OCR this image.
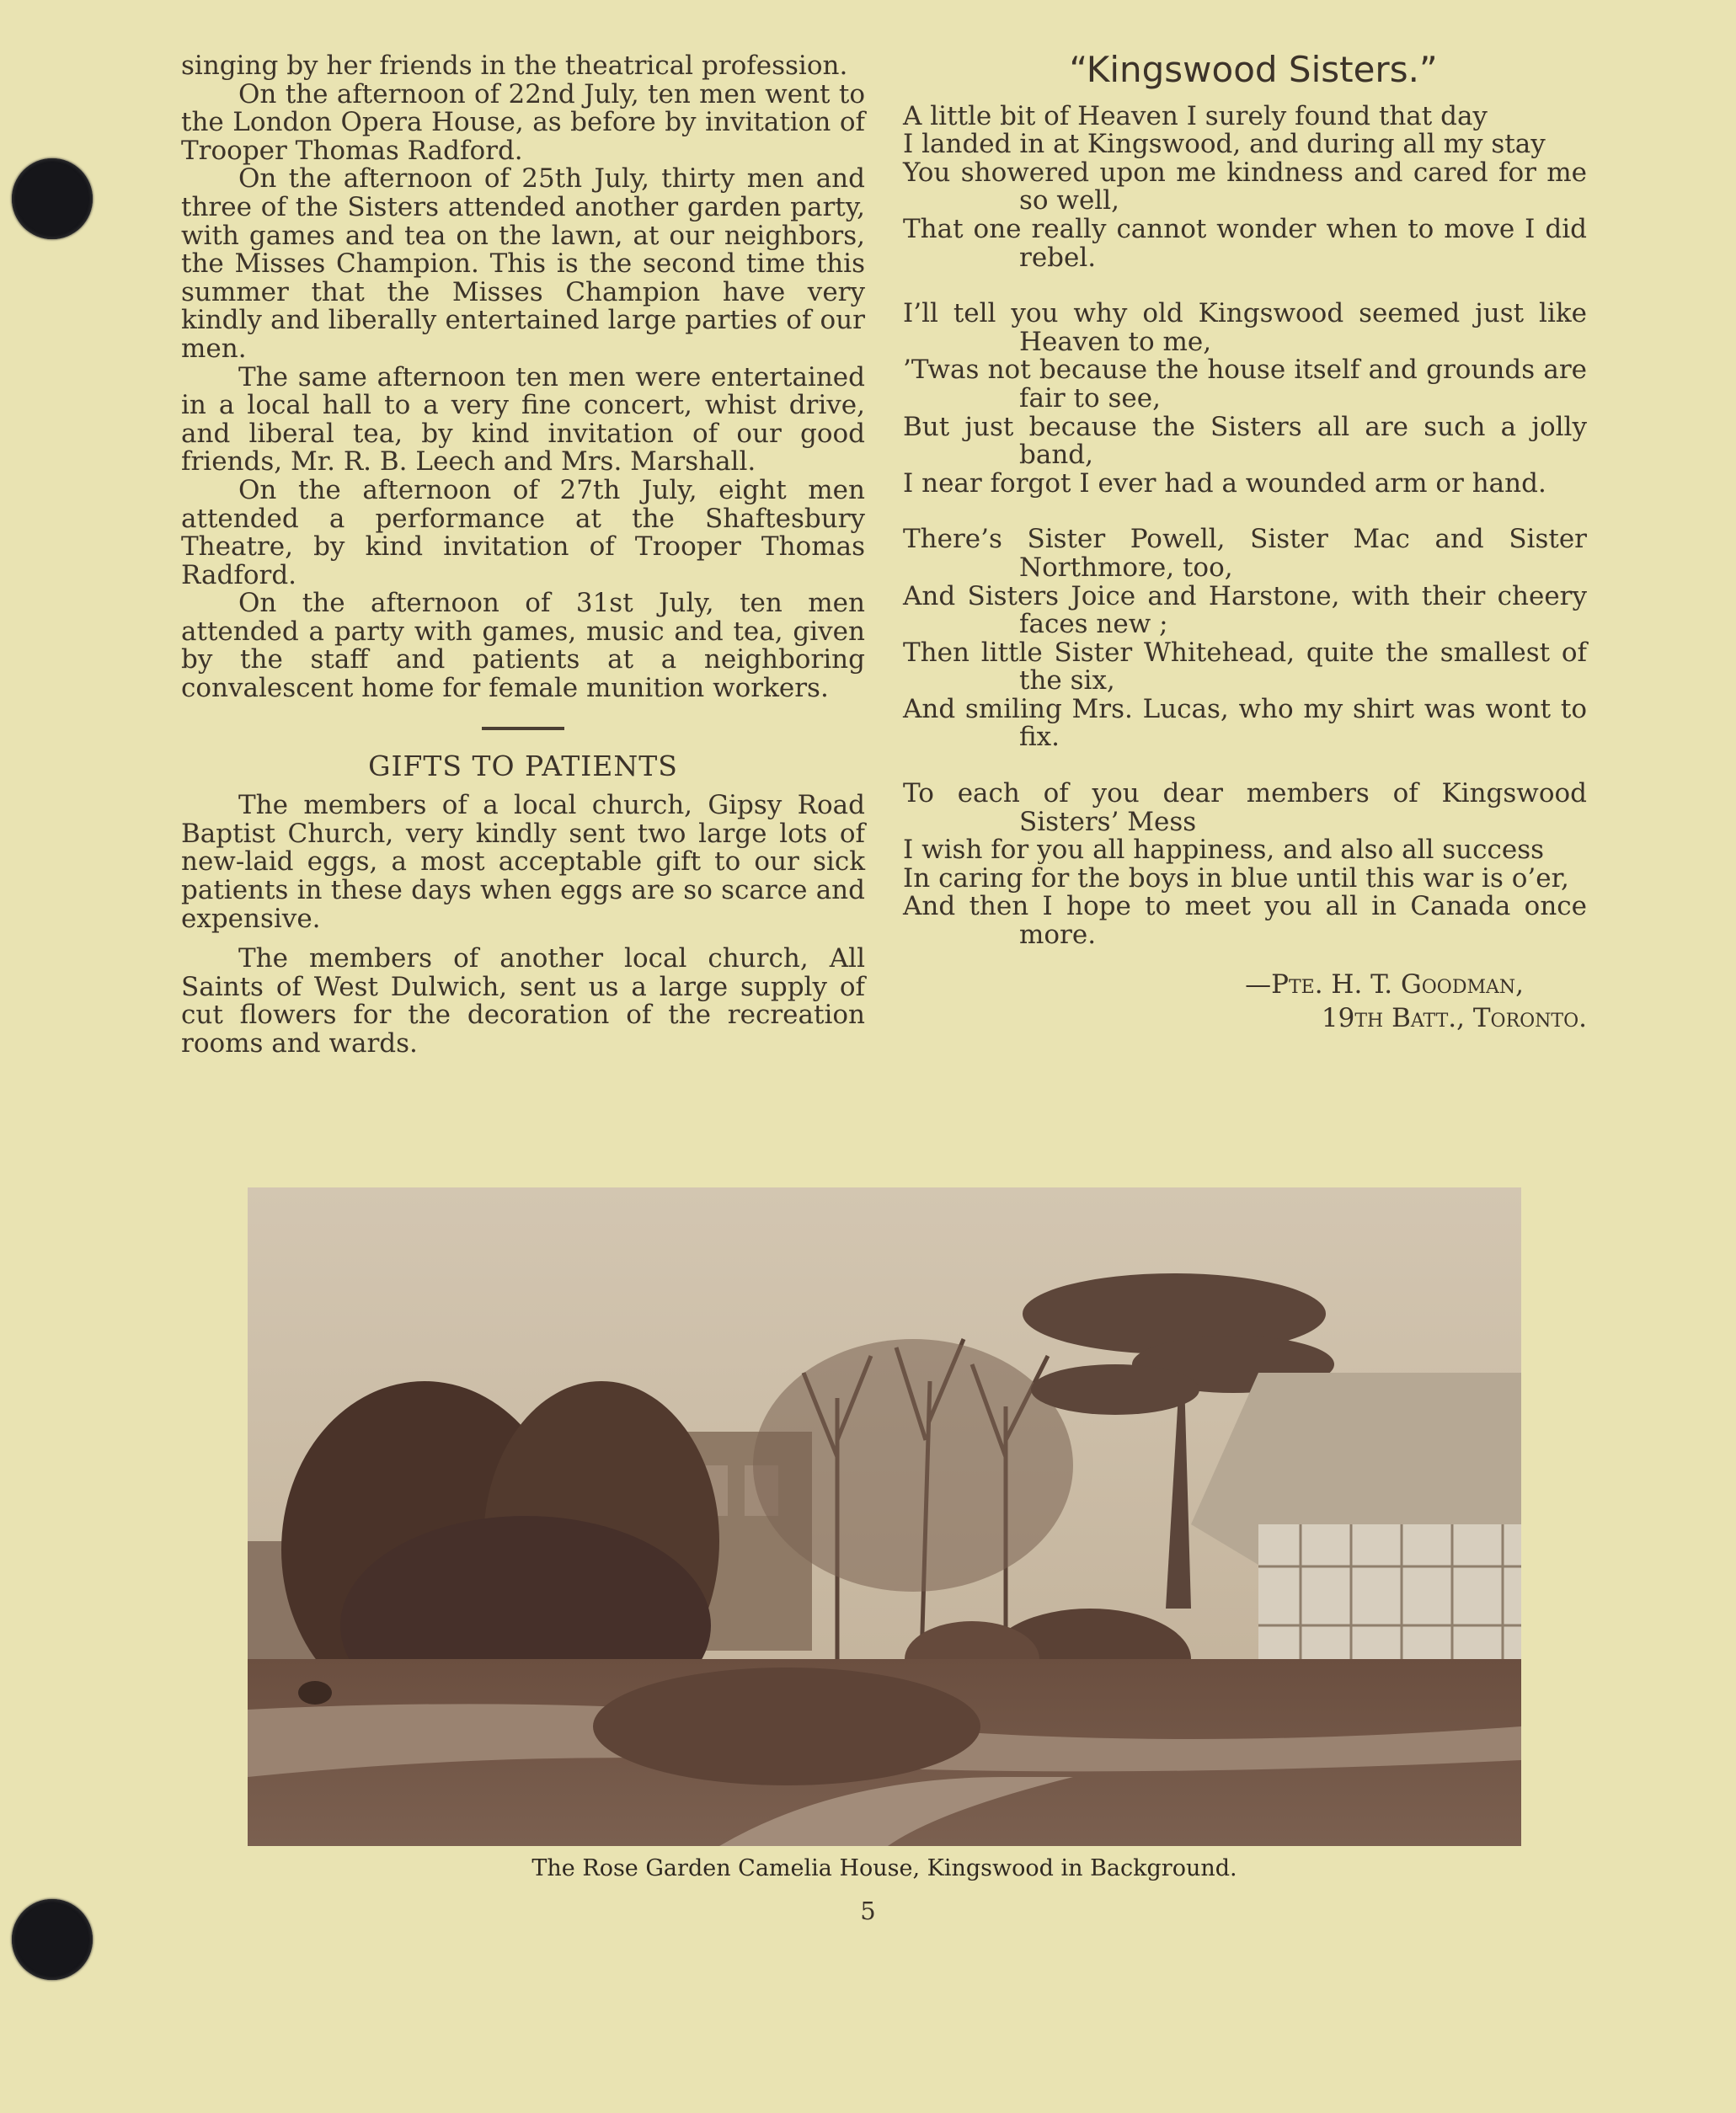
singing by her friends in the theatrical profession.

On the afternoon of 22nd July, ten men went to the London Opera House, as before by invitation of Trooper Thomas Radford.

On the afternoon of 25th July, thirty men and three of the Sisters attended another garden party, with games and tea on the lawn, at our neighbors, the Misses Champion. This is the second time this summer that the Misses Champion have very kindly and liberally entertained large parties of our men.

The same afternoon ten men were entertained in a local hall to a very fine concert, whist drive, and liberal tea, by kind invitation of our good friends, Mr. R. B. Leech and Mrs. Marshall.

On the afternoon of 27th July, eight men attended a performance at the Shaftesbury Theatre, by kind invitation of Trooper Thomas Radford.

On the afternoon of 31st July, ten men attended a party with games, music and tea, given by the staff and patients at a neighboring convalescent home for female munition workers.

GIFTS TO PATIENTS

The members of a local church, Gipsy Road Baptist Church, very kindly sent two large lots of new-laid eggs, a most acceptable gift to our sick patients in these days when eggs are so scarce and expensive.

The members of another local church, All Saints of West Dulwich, sent us a large supply of cut flowers for the decoration of the recreation rooms and wards.

“Kingswood Sisters.”
A little bit of Heaven I surely found that day
I landed in at Kingswood, and during all my stay
You showered upon me kindness and cared for me so well,
That one really cannot wonder when to move I did rebel.
I’ll tell you why old Kingswood seemed just like Heaven to me,
’Twas not because the house itself and grounds are fair to see,
But just because the Sisters all are such a jolly band,
I near forgot I ever had a wounded arm or hand.
There’s Sister Powell, Sister Mac and Sister Northmore, too,
And Sisters Joice and Harstone, with their cheery faces new ;
Then little Sister Whitehead, quite the smallest of the six,
And smiling Mrs. Lucas, who my shirt was wont to fix.
To each of you dear members of Kingswood Sisters’ Mess
I wish for you all happiness, and also all success
In caring for the boys in blue until this war is o’er,
And then I hope to meet you all in Canada once more.
—Pte. H. T. Goodman,
19th Batt., Toronto.
The Rose Garden Camelia House, Kingswood in Background.
5
